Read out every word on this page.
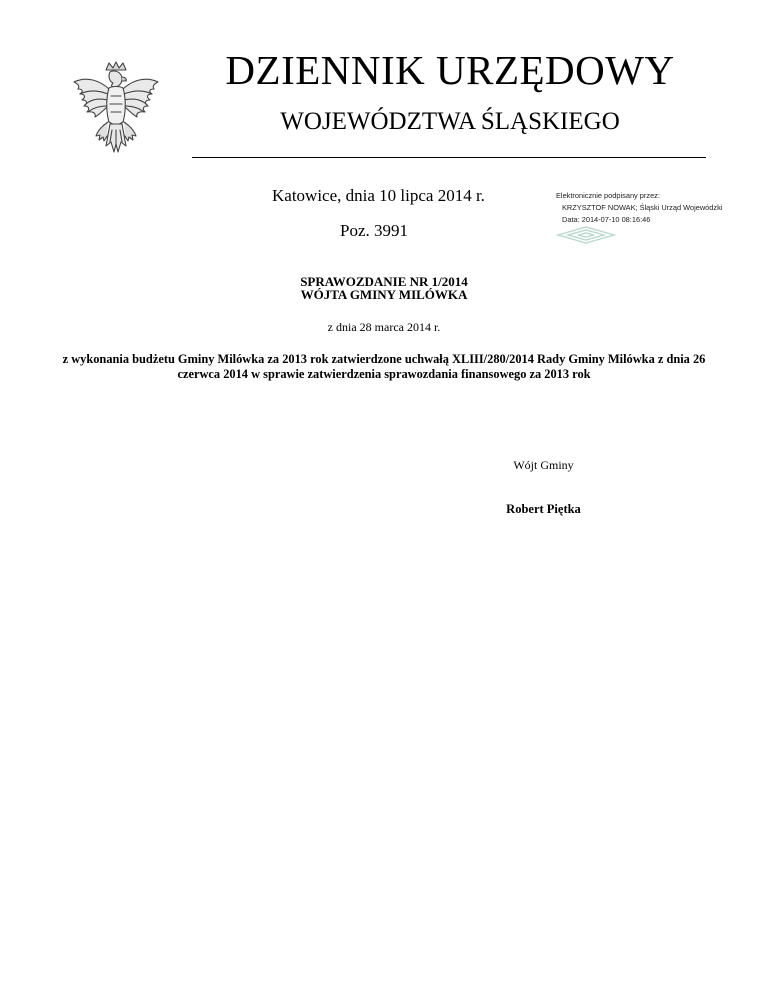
DZIENNIK URZĘDOWY
WOJEWÓDZTWA ŚLĄSKIEGO
Katowice, dnia 10 lipca 2014 r.
Poz. 3991
Elektronicznie podpisany przez:
KRZYSZTOF NOWAK; Śląski Urząd Wojewódzki
Data: 2014-07-10 08:16:46
SPRAWOZDANIE NR 1/2014
WÓJTA GMINY MILÓWKA
z dnia 28 marca 2014 r.
z wykonania budżetu Gminy Milówka za 2013 rok zatwierdzone uchwałą XLIII/280/2014 Rady Gminy Milówka z dnia 26 czerwca 2014 w sprawie zatwierdzenia sprawozdania finansowego za 2013 rok
Wójt Gminy
Robert Piętka
